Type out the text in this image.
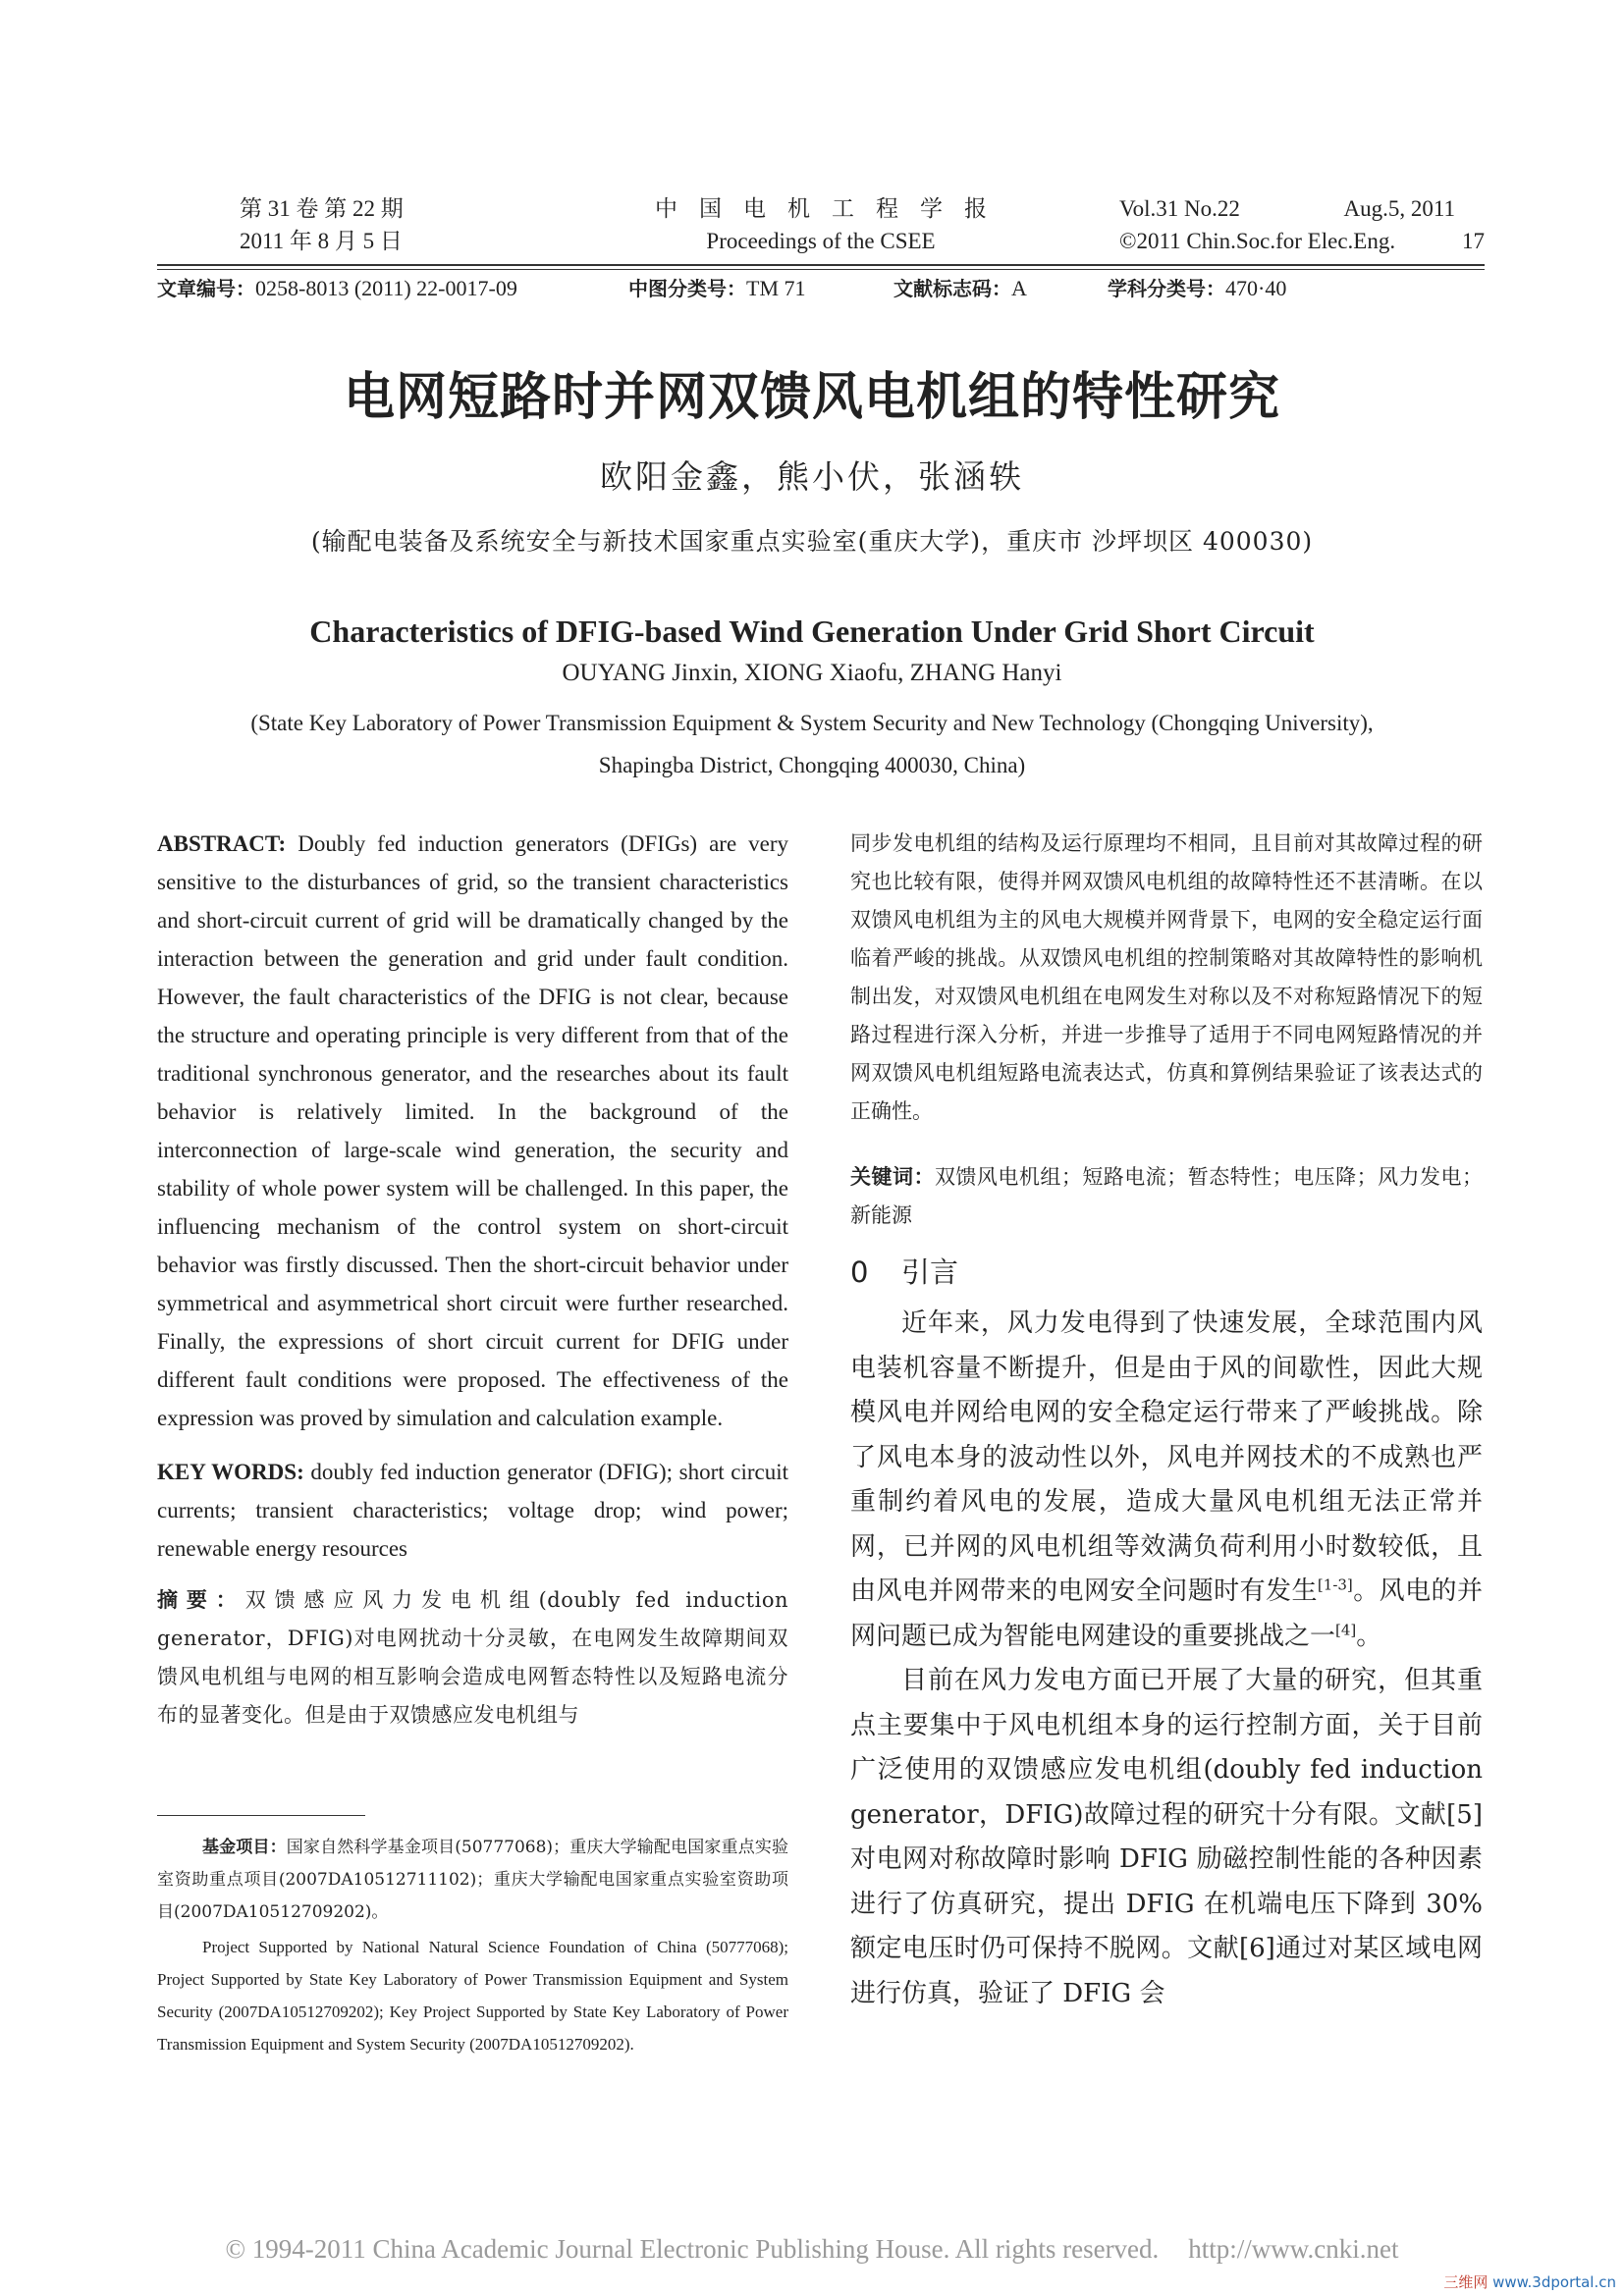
第 31 卷 第 22 期
2011 年 8 月 5 日
中国电机工程学报
Proceedings of the CSEE
Vol.31 No.22	Aug.5, 2011
©2011 Chin.Soc.for Elec.Eng.	17
文章编号：0258-8013 (2011) 22-0017-09	中图分类号：TM 71	文献标志码：A	学科分类号：470·40
电网短路时并网双馈风电机组的特性研究
欧阳金鑫，熊小伏，张涵轶
(输配电装备及系统安全与新技术国家重点实验室(重庆大学)，重庆市 沙坪坝区 400030)
Characteristics of DFIG-based Wind Generation Under Grid Short Circuit
OUYANG Jinxin, XIONG Xiaofu, ZHANG Hanyi
(State Key Laboratory of Power Transmission Equipment & System Security and New Technology (Chongqing University),
Shapingba District, Chongqing 400030, China)

ABSTRACT: Doubly fed induction generators (DFIGs) are very sensitive to the disturbances of grid, so the transient characteristics and short-circuit current of grid will be dramatically changed by the interaction between the generation and grid under fault condition. However, the fault characteristics of the DFIG is not clear, because the structure and operating principle is very different from that of the traditional synchronous generator, and the researches about its fault behavior is relatively limited. In the background of the interconnection of large-scale wind generation, the security and stability of whole power system will be challenged. In this paper, the influencing mechanism of the control system on short-circuit behavior was firstly discussed. Then the short-circuit behavior under symmetrical and asymmetrical short circuit were further researched. Finally, the expressions of short circuit current for DFIG under different fault conditions were proposed. The effectiveness of the expression was proved by simulation and calculation example.

KEY WORDS: doubly fed induction generator (DFIG); short circuit currents; transient characteristics; voltage drop; wind power; renewable energy resources

摘要：双馈感应风力发电机组(doubly fed induction generator，DFIG)对电网扰动十分灵敏，在电网发生故障期间双馈风电机组与电网的相互影响会造成电网暂态特性以及短路电流分布的显著变化。但是由于双馈感应发电机组与

基金项目：国家自然科学基金项目(50777068)；重庆大学输配电国家重点实验室资助重点项目(2007DA10512711102)；重庆大学输配电国家重点实验室资助项目(2007DA10512709202)。

Project Supported by National Natural Science Foundation of China (50777068); Project Supported by State Key Laboratory of Power Transmission Equipment and System Security (2007DA10512709202); Key Project Supported by State Key Laboratory of Power Transmission Equipment and System Security (2007DA10512709202).

同步发电机组的结构及运行原理均不相同，且目前对其故障过程的研究也比较有限，使得并网双馈风电机组的故障特性还不甚清晰。在以双馈风电机组为主的风电大规模并网背景下，电网的安全稳定运行面临着严峻的挑战。从双馈风电机组的控制策略对其故障特性的影响机制出发，对双馈风电机组在电网发生对称以及不对称短路情况下的短路过程进行深入分析，并进一步推导了适用于不同电网短路情况的并网双馈风电机组短路电流表达式，仿真和算例结果验证了该表达式的正确性。

关键词：双馈风电机组；短路电流；暂态特性；电压降；风力发电；新能源

0 引言

近年来，风力发电得到了快速发展，全球范围内风电装机容量不断提升，但是由于风的间歇性，因此大规模风电并网给电网的安全稳定运行带来了严峻挑战。除了风电本身的波动性以外，风电并网技术的不成熟也严重制约着风电的发展，造成大量风电机组无法正常并网，已并网的风电机组等效满负荷利用小时数较低，且由风电并网带来的电网安全问题时有发生[1-3]。风电的并网问题已成为智能电网建设的重要挑战之一[4]。

目前在风力发电方面已开展了大量的研究，但其重点主要集中于风电机组本身的运行控制方面，关于目前广泛使用的双馈感应发电机组(doubly fed induction generator，DFIG)故障过程的研究十分有限。文献[5]对电网对称故障时影响 DFIG 励磁控制性能的各种因素进行了仿真研究，提出 DFIG 在机端电压下降到 30%额定电压时仍可保持不脱网。文献[6]通过对某区域电网进行仿真，验证了 DFIG 会

© 1994-2011 China Academic Journal Electronic Publishing House. All rights reserved. http://www.cnki.net
三维网 www.3dportal.cn
